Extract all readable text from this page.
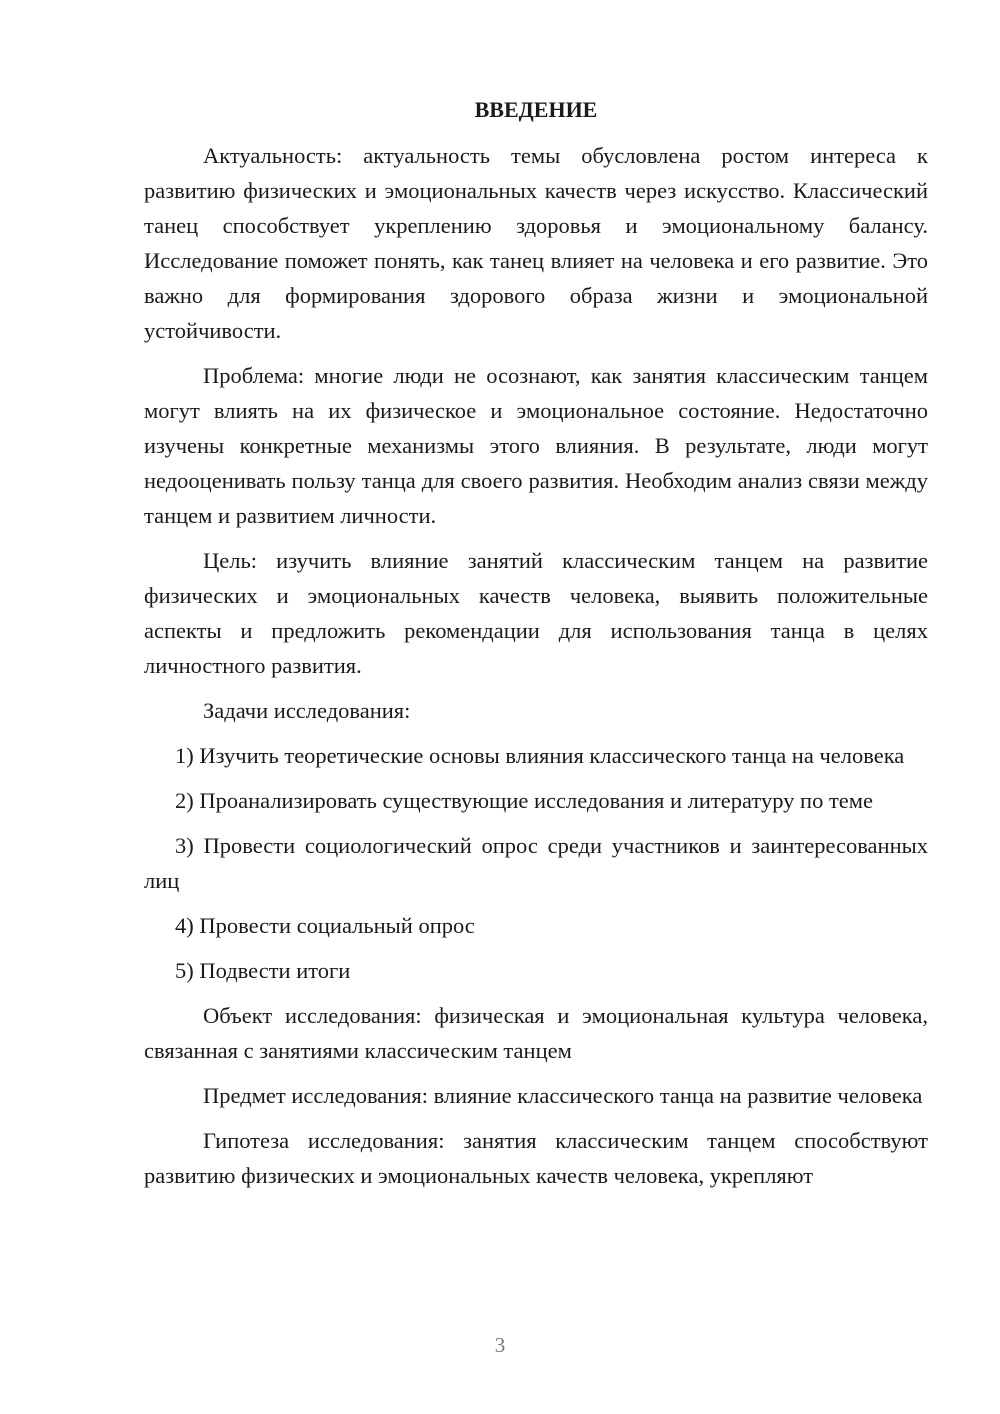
ВВЕДЕНИЕ

Актуальность: актуальность темы обусловлена ростом интереса к развитию физических и эмоциональных качеств через искусство. Классический танец способствует укреплению здоровья и эмоциональному балансу. Исследование поможет понять, как танец влияет на человека и его развитие. Это важно для формирования здорового образа жизни и эмоциональной устойчивости.

Проблема: многие люди не осознают, как занятия классическим танцем могут влиять на их физическое и эмоциональное состояние. Недостаточно изучены конкретные механизмы этого влияния. В результате, люди могут недооценивать пользу танца для своего развития. Необходим анализ связи между танцем и развитием личности.

Цель: изучить влияние занятий классическим танцем на развитие физических и эмоциональных качеств человека, выявить положительные аспекты и предложить рекомендации для использования танца в целях личностного развития.

Задачи исследования:

1) Изучить теоретические основы влияния классического танца на человека

2) Проанализировать существующие исследования и литературу по теме

3) Провести социологический опрос среди участников и заинтересованных лиц

4) Провести социальный опрос

5) Подвести итоги

Объект исследования: физическая и эмоциональная культура человека, связанная с занятиями классическим танцем

Предмет исследования: влияние классического танца на развитие человека

Гипотеза исследования: занятия классическим танцем способствуют развитию физических и эмоциональных качеств человека, укрепляют

3
